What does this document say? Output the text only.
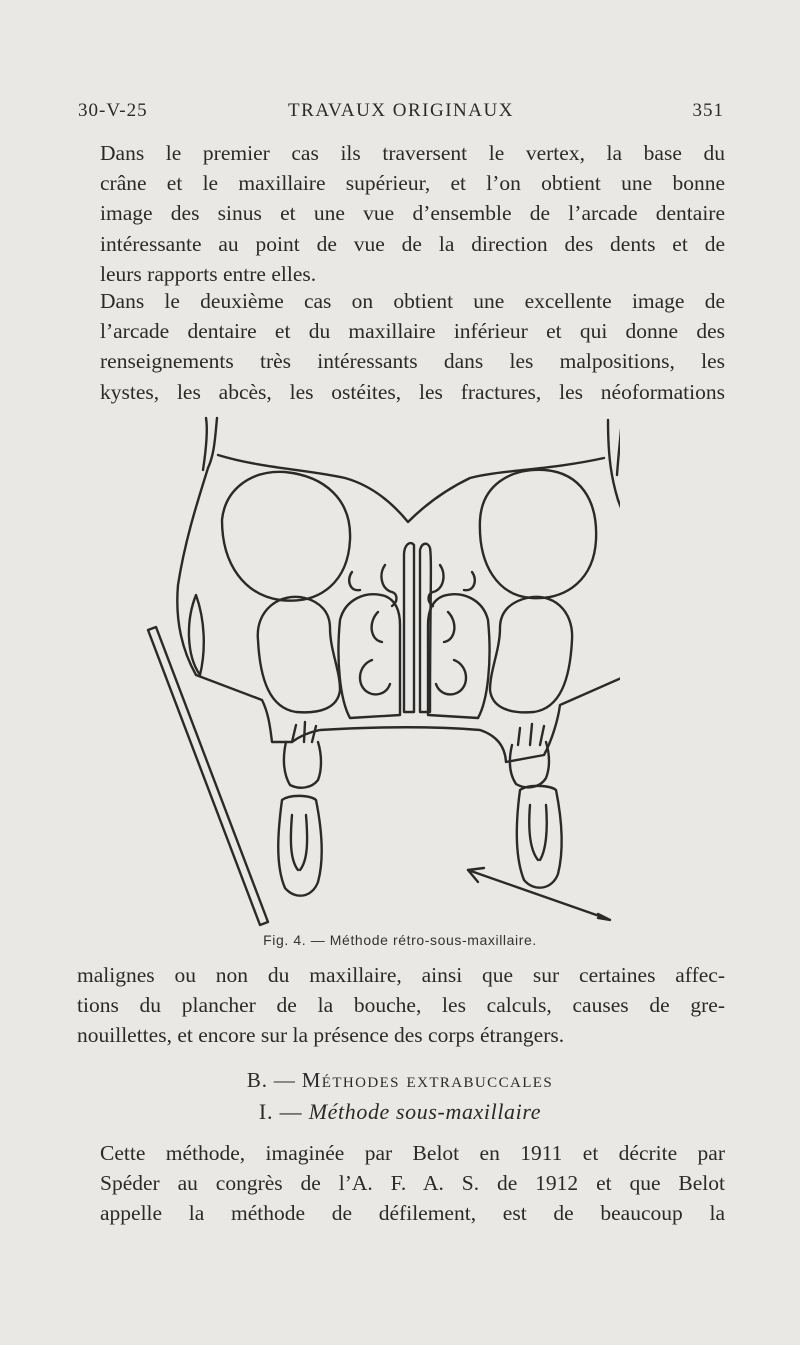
30-V-25	TRAVAUX ORIGINAUX	351

Dans le premier cas ils traversent le vertex, la base du
crâne et le maxillaire supérieur, et l’on obtient une bonne
image des sinus et une vue d’ensemble de l’arcade dentaire
intéressante au point de vue de la direction des dents et de
leurs rapports entre elles.

Dans le deuxième cas on obtient une excellente image de
l’arcade dentaire et du maxillaire inférieur et qui donne des
renseignements très intéressants dans les malpositions, les
kystes, les abcès, les ostéites, les fractures, les néoformations

Fig. 4. — Méthode rétro-sous-maxillaire.

malignes ou non du maxillaire, ainsi que sur certaines affec-
tions du plancher de la bouche, les calculs, causes de gre-
nouillettes, et encore sur la présence des corps étrangers.

B. — Méthodes extrabuccales
I. — Méthode sous-maxillaire

Cette méthode, imaginée par Belot en 1911 et décrite par
Spéder au congrès de l’A. F. A. S. de 1912 et que Belot
appelle la méthode de défilement, est de beaucoup la
